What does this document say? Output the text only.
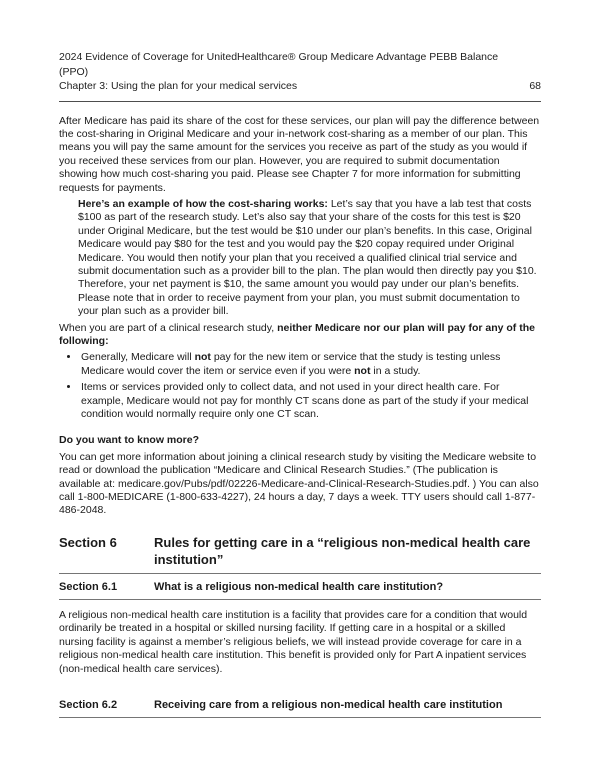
2024 Evidence of Coverage for UnitedHealthcare® Group Medicare Advantage PEBB Balance
(PPO)
Chapter 3: Using the plan for your medical services	68

After Medicare has paid its share of the cost for these services, our plan will pay the difference between the cost-sharing in Original Medicare and your in-network cost-sharing as a member of our plan. This means you will pay the same amount for the services you receive as part of the study as you would if you received these services from our plan. However, you are required to submit documentation showing how much cost-sharing you paid. Please see Chapter 7 for more information for submitting requests for payments.

Here’s an example of how the cost-sharing works: Let’s say that you have a lab test that costs $100 as part of the research study. Let’s also say that your share of the costs for this test is $20 under Original Medicare, but the test would be $10 under our plan’s benefits. In this case, Original Medicare would pay $80 for the test and you would pay the $20 copay required under Original Medicare. You would then notify your plan that you received a qualified clinical trial service and submit documentation such as a provider bill to the plan. The plan would then directly pay you $10. Therefore, your net payment is $10, the same amount you would pay under our plan’s benefits. Please note that in order to receive payment from your plan, you must submit documentation to your plan such as a provider bill.

When you are part of a clinical research study, neither Medicare nor our plan will pay for any of the following:

• Generally, Medicare will not pay for the new item or service that the study is testing unless Medicare would cover the item or service even if you were not in a study.
• Items or services provided only to collect data, and not used in your direct health care. For example, Medicare would not pay for monthly CT scans done as part of the study if your medical condition would normally require only one CT scan.

Do you want to know more?

You can get more information about joining a clinical research study by visiting the Medicare website to read or download the publication “Medicare and Clinical Research Studies.” (The publication is available at: medicare.gov/Pubs/pdf/02226-Medicare-and-Clinical-Research-Studies.pdf. ) You can also call 1-800-MEDICARE (1-800-633-4227), 24 hours a day, 7 days a week. TTY users should call 1-877-486-2048.

Section 6	Rules for getting care in a “religious non-medical health care institution”
Section 6.1	What is a religious non-medical health care institution?

A religious non-medical health care institution is a facility that provides care for a condition that would ordinarily be treated in a hospital or skilled nursing facility. If getting care in a hospital or a skilled nursing facility is against a member’s religious beliefs, we will instead provide coverage for care in a religious non-medical health care institution. This benefit is provided only for Part A inpatient services (non-medical health care services).

Section 6.2	Receiving care from a religious non-medical health care institution
